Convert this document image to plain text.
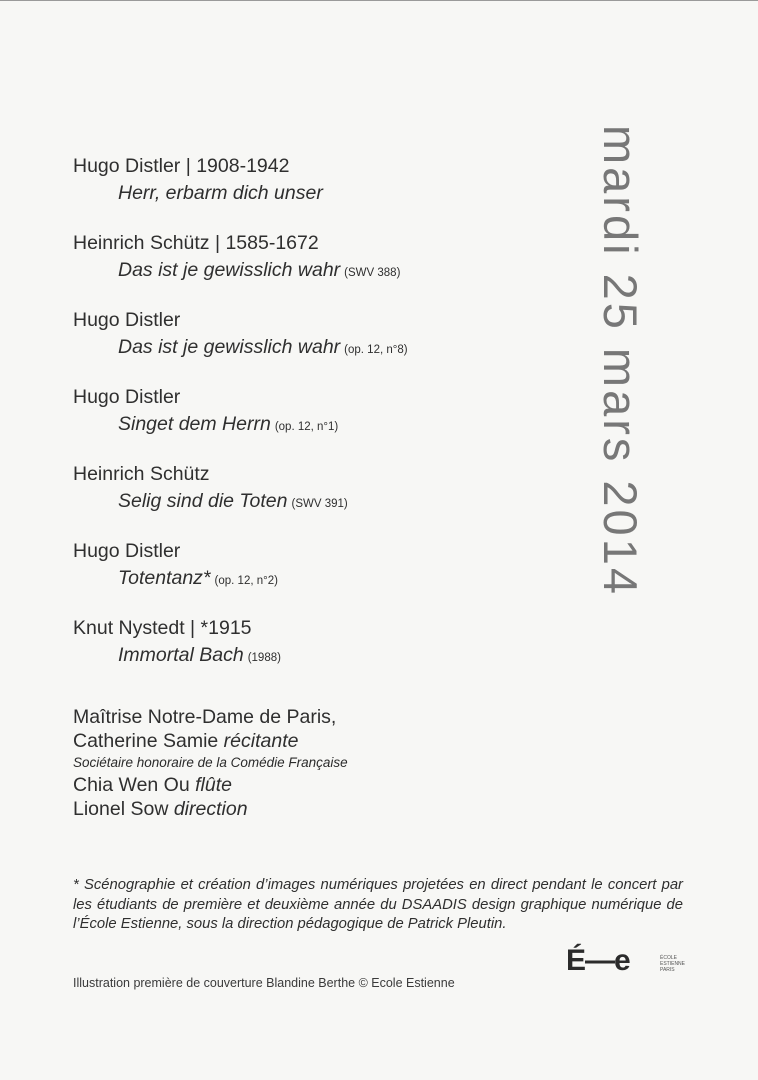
Hugo Distler | 1908-1942
Herr, erbarm dich unser
Heinrich Schütz | 1585-1672
Das ist je gewisslich wahr (SWV 388)
Hugo Distler
Das ist je gewisslich wahr (op. 12, n°8)
Hugo Distler
Singet dem Herrn (op. 12, n°1)
Heinrich Schütz
Selig sind die Toten (SWV 391)
Hugo Distler
Totentanz* (op. 12, n°2)
Knut Nystedt | *1915
Immortal Bach (1988)
Maîtrise Notre-Dame de Paris,
Catherine Samie récitante
Sociétaire honoraire de la Comédie Française
Chia Wen Ou flûte
Lionel Sow direction
mardi 25 mars 2014
* Scénographie et création d’images numériques projetées en direct pendant le concert par les étudiants de première et deuxième année du DSAADIS design graphique numérique de l’École Estienne, sous la direction pédagogique de Patrick Pleutin.
Illustration première de couverture Blandine Berthe © Ecole Estienne
É—e	ÉCOLE ESTIENNE PARIS
